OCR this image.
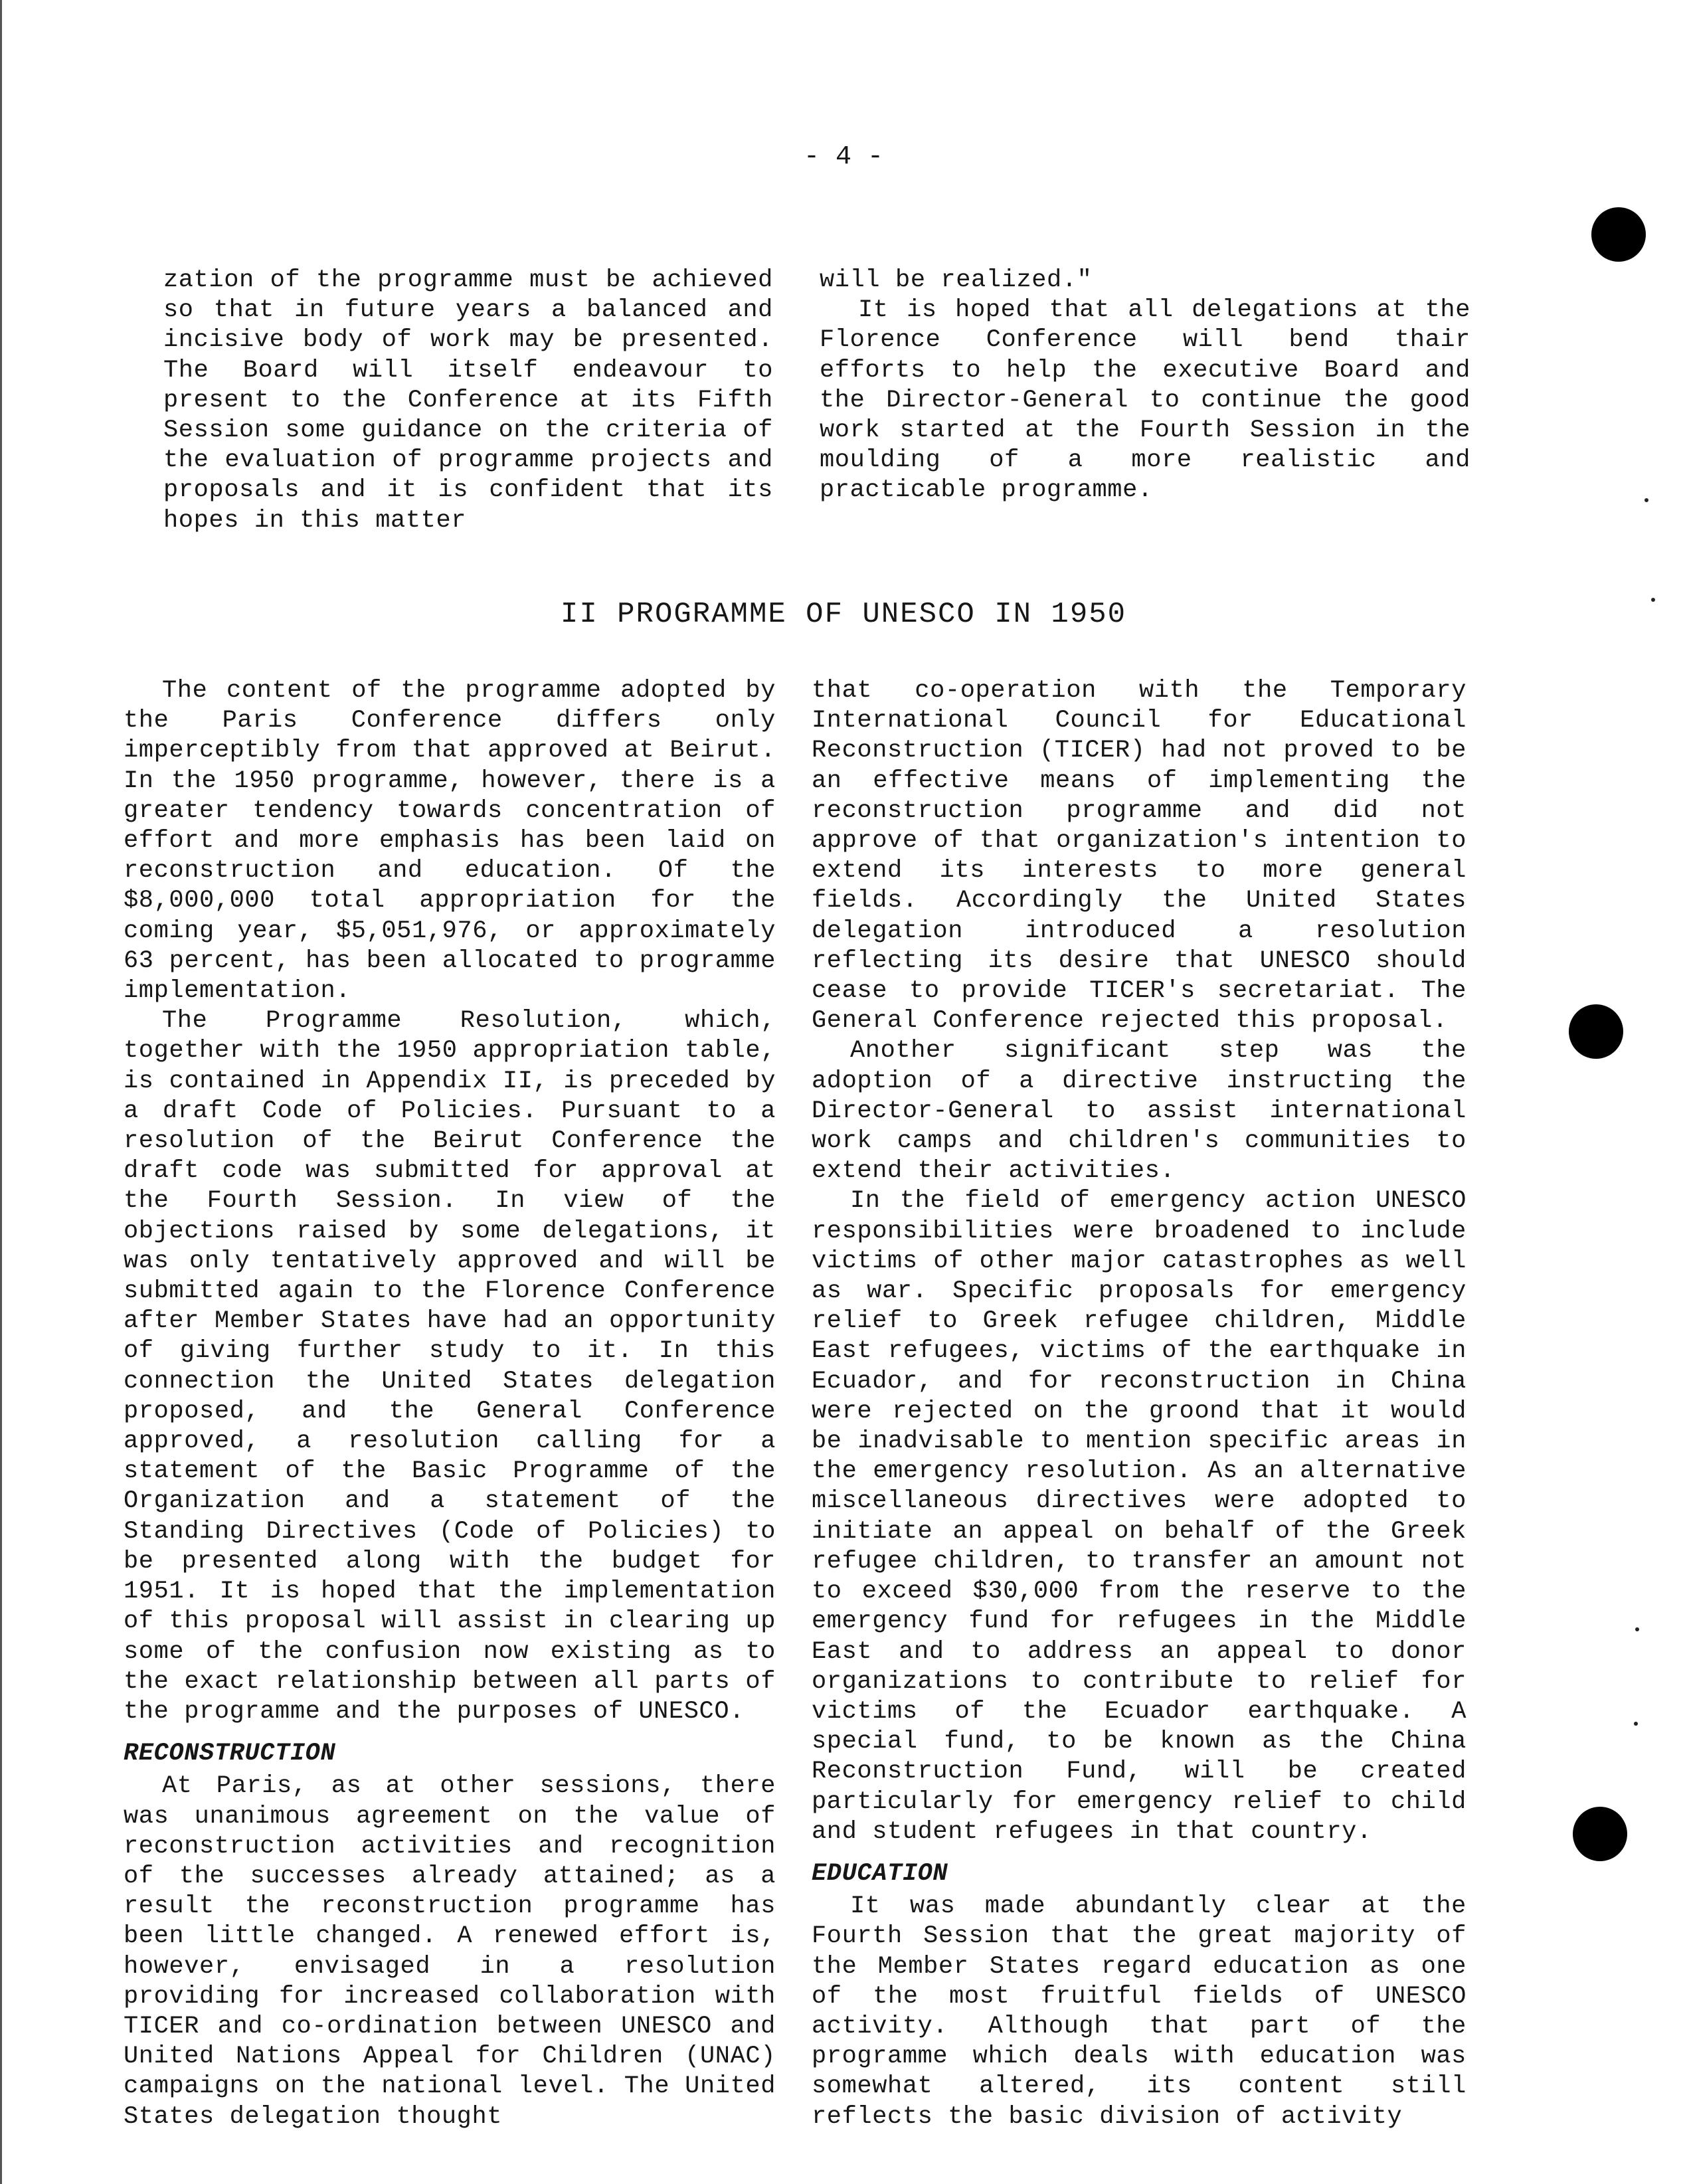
- 4 -

zation of the programme must be achieved so that in future years a balanced and incisive body of work may be presented. The Board will itself endeavour to present to the Conference at its Fifth Session some guidance on the criteria of the evaluation of programme projects and proposals and it is confident that its hopes in this matter

will be realized."

It is hoped that all delegations at the Florence Conference will bend thair efforts to help the executive Board and the Director-General to continue the good work started at the Fourth Session in the moulding of a more realistic and practicable programme.

II PROGRAMME OF UNESCO IN 1950

The content of the programme adopted by the Paris Conference differs only imperceptibly from that approved at Beirut. In the 1950 programme, however, there is a greater tendency towards concentration of effort and more emphasis has been laid on reconstruction and education. Of the $8,000,000 total appropriation for the coming year, $5,051,976, or approximately 63 percent, has been allocated to programme implementation.

The Programme Resolution, which, together with the 1950 appropriation table, is contained in Appendix II, is preceded by a draft Code of Policies. Pursuant to a resolution of the Beirut Conference the draft code was submitted for approval at the Fourth Session. In view of the objections raised by some delegations, it was only tentatively approved and will be submitted again to the Florence Conference after Member States have had an opportunity of giving further study to it. In this connection the United States delegation proposed, and the General Conference approved, a resolution calling for a statement of the Basic Programme of the Organization and a statement of the Standing Directives (Code of Policies) to be presented along with the budget for 1951. It is hoped that the implementation of this proposal will assist in clearing up some of the confusion now existing as to the exact relationship between all parts of the programme and the purposes of UNESCO.

RECONSTRUCTION

At Paris, as at other sessions, there was unanimous agreement on the value of reconstruction activities and recognition of the successes already attained; as a result the reconstruction programme has been little changed. A renewed effort is, however, envisaged in a resolution providing for increased collaboration with TICER and co-ordination between UNESCO and United Nations Appeal for Children (UNAC) campaigns on the national level. The United States delegation thought

that co-operation with the Temporary International Council for Educational Reconstruction (TICER) had not proved to be an effective means of implementing the reconstruction programme and did not approve of that organization's intention to extend its interests to more general fields. Accordingly the United States delegation introduced a resolution reflecting its desire that UNESCO should cease to provide TICER's secretariat. The General Conference rejected this proposal.

Another significant step was the adoption of a directive instructing the Director-General to assist international work camps and children's communities to extend their activities.

In the field of emergency action UNESCO responsibilities were broadened to include victims of other major catastrophes as well as war. Specific proposals for emergency relief to Greek refugee children, Middle East refugees, victims of the earthquake in Ecuador, and for reconstruction in China were rejected on the groond that it would be inadvisable to mention specific areas in the emergency resolution. As an alternative miscellaneous directives were adopted to initiate an appeal on behalf of the Greek refugee children, to transfer an amount not to exceed $30,000 from the reserve to the emergency fund for refugees in the Middle East and to address an appeal to donor organizations to contribute to relief for victims of the Ecuador earthquake. A special fund, to be known as the China Reconstruction Fund, will be created particularly for emergency relief to child and student refugees in that country.

EDUCATION

It was made abundantly clear at the Fourth Session that the great majority of the Member States regard education as one of the most fruitful fields of UNESCO activity. Although that part of the programme which deals with education was somewhat altered, its content still reflects the basic division of activity
